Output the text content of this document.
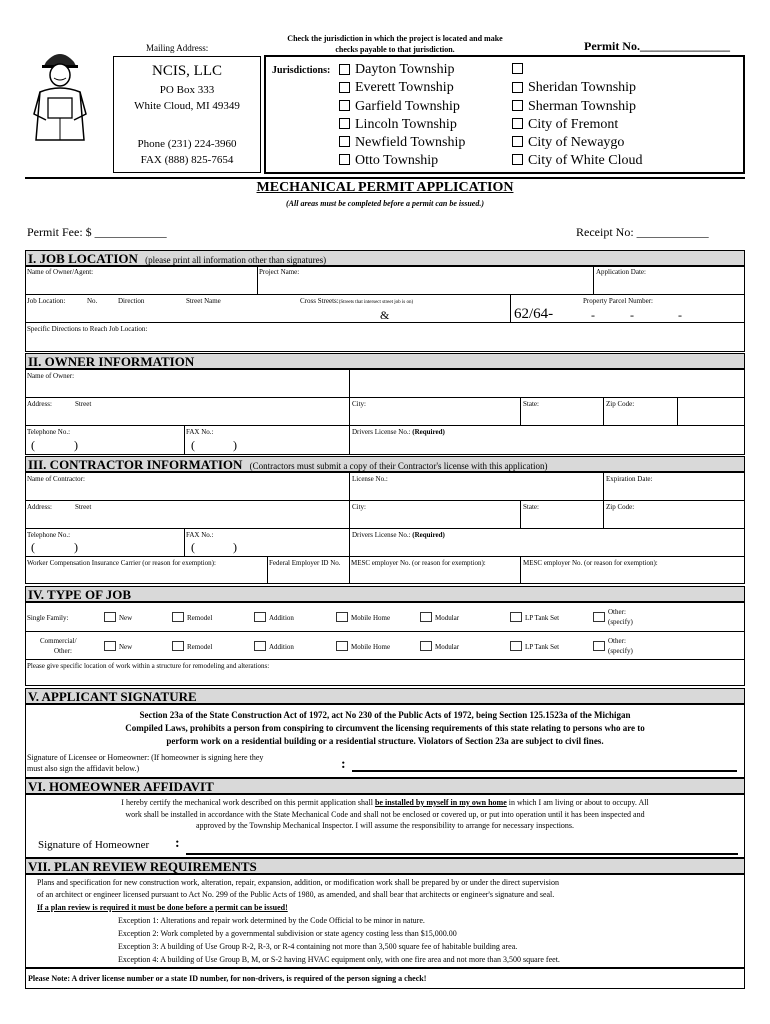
Mailing Address:
NCIS, LLC
PO Box 333
White Cloud, MI 49349
Phone (231) 224-3960
FAX (888) 825-7654
Check the jurisdiction in which the project is located and make
checks payable to that jurisdiction.	Permit No._______________
Jurisdictions: Dayton Township
Everett Township
Garfield Township
Lincoln Township
Newfield Township
Otto Township
Sheridan Township
Sherman Township
City of Fremont
City of Newaygo
City of White Cloud
MECHANICAL PERMIT APPLICATION
(All areas must be completed before a permit can be issued.)
Permit Fee: $ ____________	Receipt No: ____________
I. JOB LOCATION (please print all information other than signatures)
Name of Owner/Agent:	Project Name:	Application Date:
Job Location:	No.	Direction	Street Name	Cross Streets:(Streets that intersect street job is on)
&
Property Parcel Number:
62/64-	-	-	-
Specific Directions to Reach Job Location:
II. OWNER INFORMATION
Name of Owner:
Address:	Street	City:	State:	Zip Code:
Telephone No.:
(	)
FAX No.:
(	)
Drivers License No.: (Required)
III. CONTRACTOR INFORMATION (Contractors must submit a copy of their Contractor's license with this application)
Name of Contractor:	License No.:	Expiration Date:
Address:	Street	City:	State:	Zip Code:
Telephone No.:
(	)
FAX No.:
(	)
Drivers License No.: (Required)
Worker Compensation Insurance Carrier (or reason for exemption):	Federal Employer ID No.	MESC employer No. (or reason for exemption):	MESC employer No. (or reason for exemption):
IV. TYPE OF JOB
Single Family:	New	Remodel	Addition	Mobile Home	Modular	LP Tank Set
Other:
(specify)
Commercial/
Other:	New	Remodel	Addition	Mobile Home	Modular	LP Tank Set
Other:
(specify)
Please give specific location of work within a structure for remodeling and alterations:
V. APPLICANT SIGNATURE
Section 23a of the State Construction Act of 1972, act No 230 of the Public Acts of 1972, being Section 125.1523a of the Michigan
Compiled Laws, prohibits a person from conspiring to circumvent the licensing requirements of this state relating to persons who are to
perform work on a residential building or a residential structure. Violators of Section 23a are subject to civil fines.
Signature of Licensee or Homeowner: (If homeowner is signing here they
must also sign the affidavit below.)	:
VI. HOMEOWNER AFFIDAVIT
I hereby certify the mechanical work described on this permit application shall be installed by myself in my own home in which I am living or about to occupy. All
work shall be installed in accordance with the State Mechanical Code and shall not be enclosed or covered up, or put into operation until it has been inspected and
approved by the Township Mechanical Inspector. I will assume the responsibility to arrange for necessary inspections.
Signature of Homeowner :
VII. PLAN REVIEW REQUIREMENTS
Plans and specification for new construction work, alteration, repair, expansion, addition, or modification work shall be prepared by or under the direct supervision
of an architect or engineer licensed pursuant to Act No. 299 of the Public Acts of 1980, as amended, and shall bear that architects or engineer's signature and seal.
If a plan review is required it must be done before a permit can be issued!
Exception 1: Alterations and repair work determined by the Code Official to be minor in nature.
Exception 2: Work completed by a governmental subdivision or state agency costing less than $15,000.00
Exception 3: A building of Use Group R-2, R-3, or R-4 containing not more than 3,500 square fee of habitable building area.
Exception 4: A building of Use Group B, M, or S-2 having HVAC equipment only, with one fire area and not more than 3,500 square feet.
Please Note: A driver license number or a state ID number, for non-drivers, is required of the person signing a check!
